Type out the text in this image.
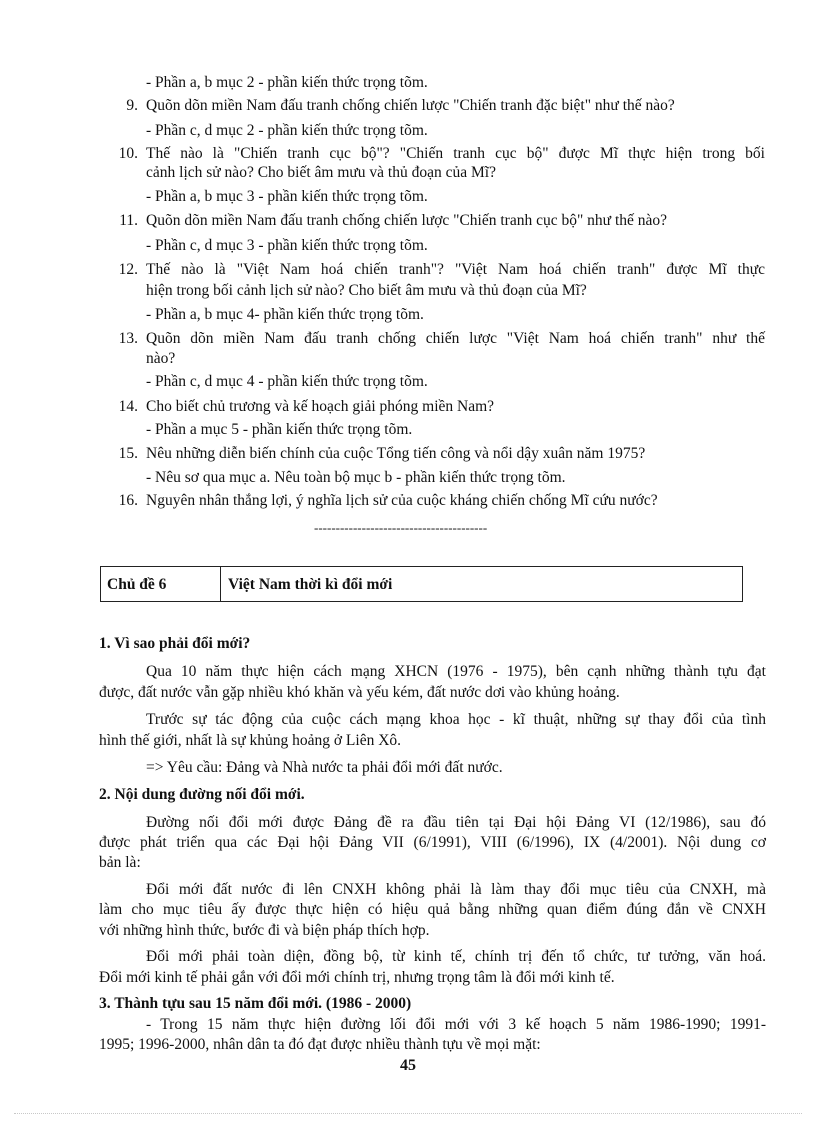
- Phần a, b mục 2 - phần kiến thức trọng tõm.
9. Quõn dõn miền Nam đấu tranh chống chiến lược "Chiến tranh đặc biệt" như thế nào?
- Phần c, d mục 2 - phần kiến thức trọng tõm.
10. Thế nào là "Chiến tranh cục bộ"? "Chiến tranh cục bộ" được Mĩ thực hiện trong bối
cảnh lịch sử nào? Cho biết âm mưu và thủ đoạn của Mĩ?
- Phần a, b mục 3 - phần kiến thức trọng tõm.
11. Quõn dõn miền Nam đấu tranh chống chiến lược "Chiến tranh cục bộ" như thế nào?
- Phần c, d mục 3 - phần kiến thức trọng tõm.
12. Thế nào là "Việt Nam hoá chiến tranh"? "Việt Nam hoá chiến tranh" được Mĩ thực
hiện trong bối cảnh lịch sử nào? Cho biết âm mưu và thủ đoạn của Mĩ?
- Phần a, b mục 4- phần kiến thức trọng tõm.
13. Quõn dõn miền Nam đấu tranh chống chiến lược "Việt Nam hoá chiến tranh" như thế
nào?
- Phần c, d mục 4 - phần kiến thức trọng tõm.
14. Cho biết chủ trương và kế hoạch giải phóng miền Nam?
- Phần a mục 5 - phần kiến thức trọng tõm.
15. Nêu những diễn biến chính của cuộc Tổng tiến công và nổi dậy xuân năm 1975?
- Nêu sơ qua mục a. Nêu toàn bộ mục b - phần kiến thức trọng tõm.
16. Nguyên nhân thắng lợi, ý nghĩa lịch sử của cuộc kháng chiến chống Mĩ cứu nước?
----------------------------------------
Chủ đề 6	Việt Nam thời kì đổi mới
1. Vì sao phải đổi mới?
Qua 10 năm thực hiện cách mạng XHCN (1976 - 1975), bên cạnh những thành tựu đạt
được, đất nước vẫn gặp nhiều khó khăn và yếu kém, đất nước dơi vào khủng hoảng.
Trước sự tác động của cuộc cách mạng khoa học - kĩ thuật, những sự thay đổi của tình
hình thế giới, nhất là sự khủng hoảng ở Liên Xô.
=> Yêu cầu: Đảng và Nhà nước ta phải đổi mới đất nước.
2. Nội dung đường nối đổi mới.
Đường nối đổi mới được Đảng đề ra đầu tiên tại Đại hội Đảng VI (12/1986), sau đó
được phát triển qua các Đại hội Đảng VII (6/1991), VIII (6/1996), IX (4/2001). Nội dung cơ
bản là:
Đổi mới đất nước đi lên CNXH không phải là làm thay đổi mục tiêu của CNXH, mà
làm cho mục tiêu ấy được thực hiện có hiệu quả bằng những quan điểm đúng đắn về CNXH
với những hình thức, bước đi và biện pháp thích hợp.
Đổi mới phải toàn diện, đồng bộ, từ kinh tế, chính trị đến tổ chức, tư tưởng, văn hoá.
Đổi mới kinh tế phải gắn với đổi mới chính trị, nhưng trọng tâm là đổi mới kinh tế.
3. Thành tựu sau 15 năm đổi mới. (1986 - 2000)
- Trong 15 năm thực hiện đường lối đổi mới với 3 kế hoạch 5 năm 1986-1990; 1991-
1995; 1996-2000, nhân dân ta đó đạt được nhiều thành tựu về mọi mặt:
45
